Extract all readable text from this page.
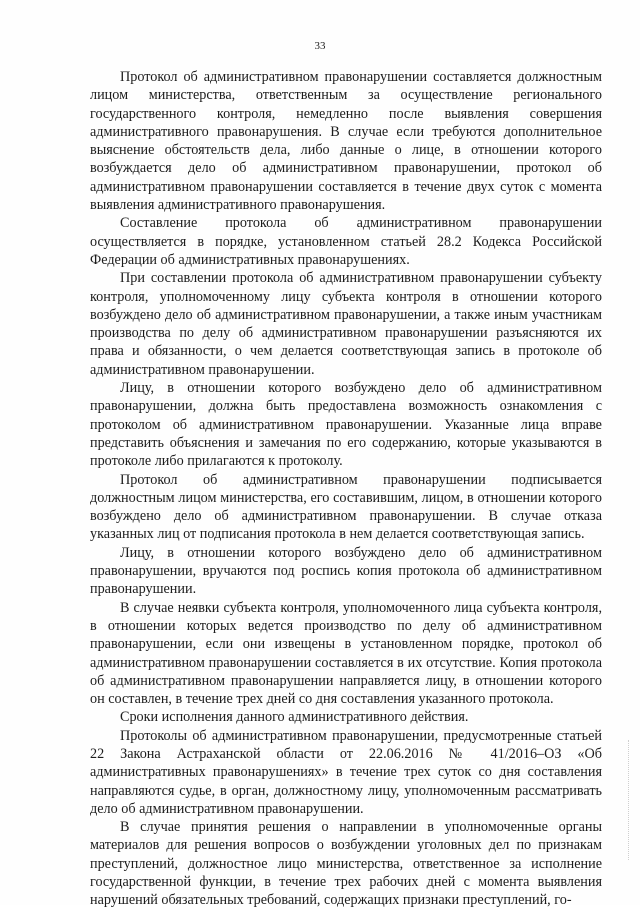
33

Протокол об административном правонарушении составляется должностным лицом министерства, ответственным за осуществление регионального государственного контроля, немедленно после выявления совершения административного правонарушения. В случае если требуются дополнительное выяснение обстоятельств дела, либо данные о лице, в отношении которого возбуждается дело об административном правонарушении, протокол об административном правонарушении составляется в течение двух суток с момента выявления административного правонарушения.

Составление протокола об административном правонарушении осуществляется в порядке, установленном статьей 28.2 Кодекса Российской Федерации об административных правонарушениях.

При составлении протокола об административном правонарушении субъекту контроля, уполномоченному лицу субъекта контроля в отношении которого возбуждено дело об административном правонарушении, а также иным участникам производства по делу об административном правонарушении разъясняются их права и обязанности, о чем делается соответствующая запись в протоколе об административном правонарушении.

Лицу, в отношении которого возбуждено дело об административном правонарушении, должна быть предоставлена возможность ознакомления с протоколом об административном правонарушении. Указанные лица вправе представить объяснения и замечания по его содержанию, которые указываются в протоколе либо прилагаются к протоколу.

Протокол об административном правонарушении подписывается должностным лицом министерства, его составившим, лицом, в отношении которого возбуждено дело об административном правонарушении. В случае отказа указанных лиц от подписания протокола в нем делается соответствующая запись.

Лицу, в отношении которого возбуждено дело об административном правонарушении, вручаются под роспись копия протокола об административном правонарушении.

В случае неявки субъекта контроля, уполномоченного лица субъекта контроля, в отношении которых ведется производство по делу об административном правонарушении, если они извещены в установленном порядке, протокол об административном правонарушении составляется в их отсутствие. Копия протокола об административном правонарушении направляется лицу, в отношении которого он составлен, в течение трех дней со дня составления указанного протокола.

Сроки исполнения данного административного действия.

Протоколы об административном правонарушении, предусмотренные статьей 22 Закона Астраханской области от 22.06.2016 № 41/2016–ОЗ «Об административных правонарушениях» в течение трех суток со дня составления направляются судье, в орган, должностному лицу, уполномоченным рассматривать дело об административном правонарушении.

В случае принятия решения о направлении в уполномоченные органы материалов для решения вопросов о возбуждении уголовных дел по признакам преступлений, должностное лицо министерства, ответственное за исполнение государственной функции, в течение трех рабочих дней с момента выявления нарушений обязательных требований, содержащих признаки преступлений, го-
